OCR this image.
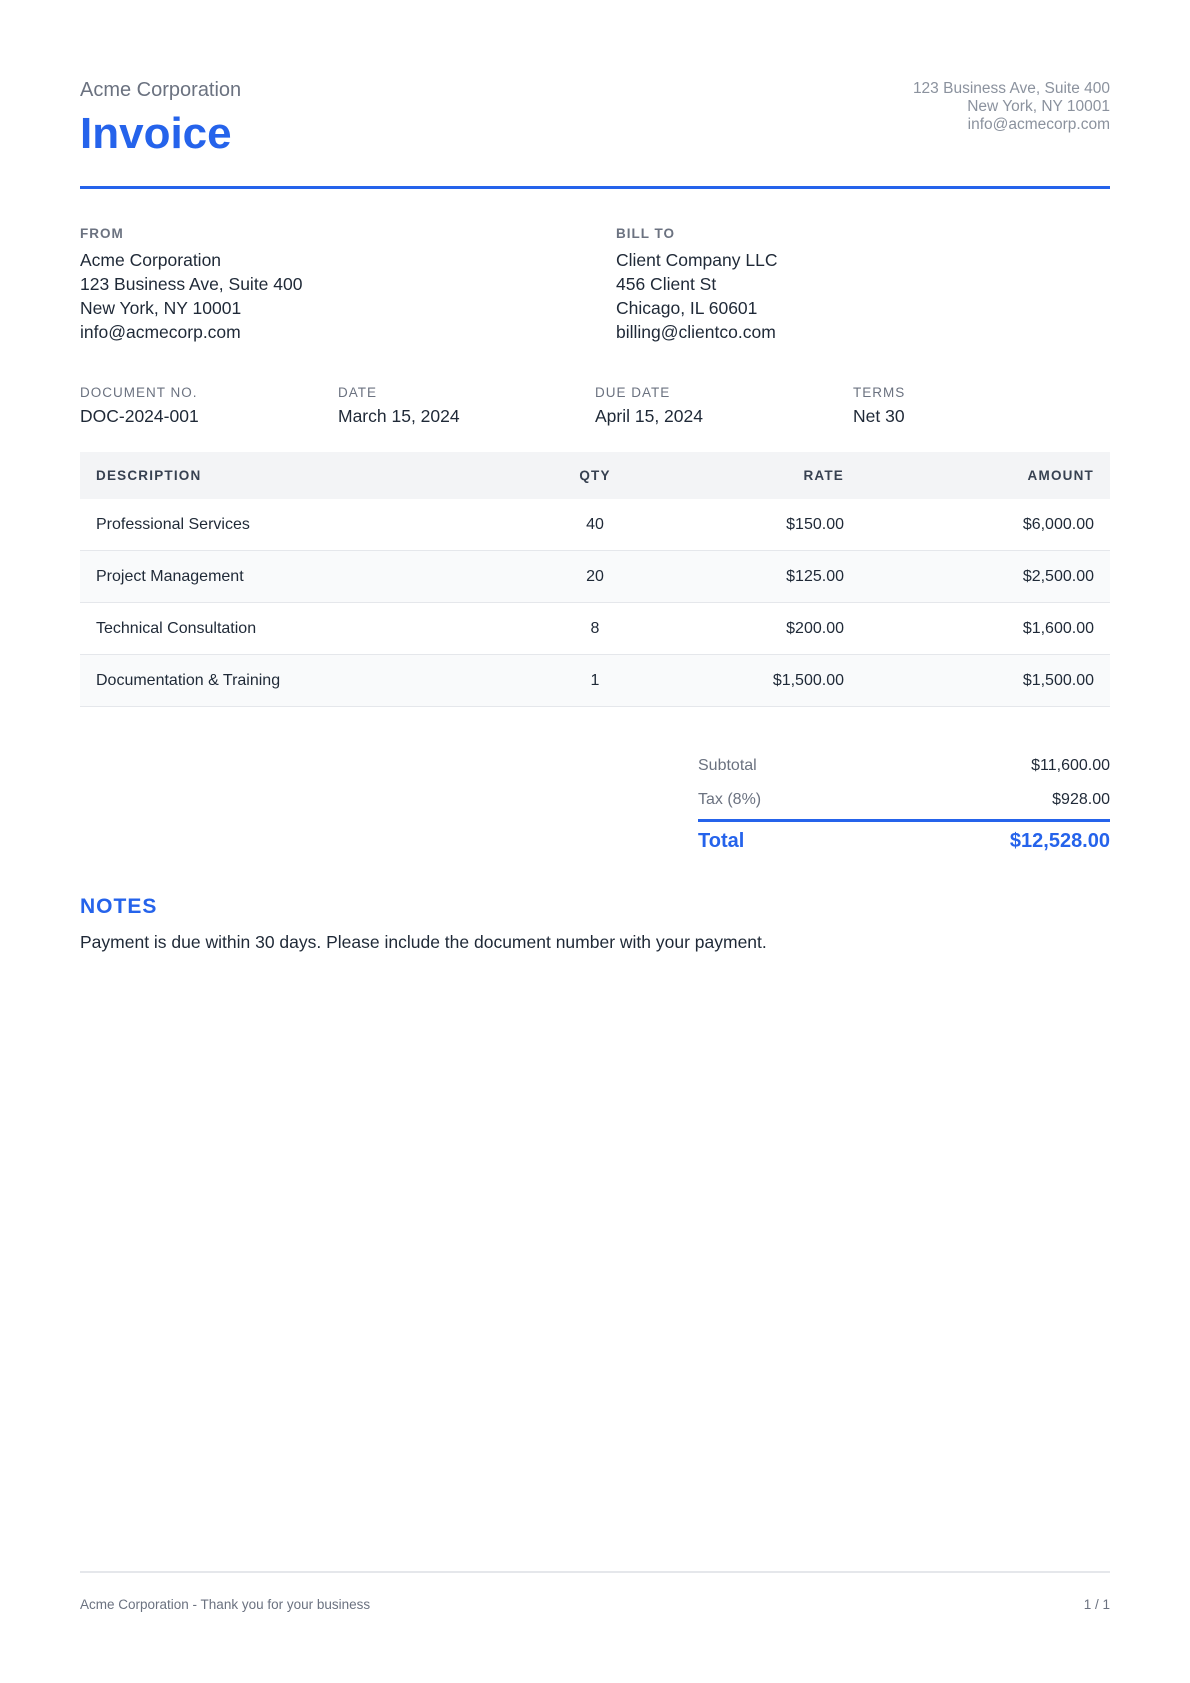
Acme Corporation
Invoice
123 Business Ave, Suite 400
New York, NY 10001
info@acmecorp.com
FROM
Acme Corporation
123 Business Ave, Suite 400
New York, NY 10001
info@acmecorp.com
BILL TO
Client Company LLC
456 Client St
Chicago, IL 60601
billing@clientco.com
DOCUMENT NO.
DOC-2024-001
DATE
March 15, 2024
DUE DATE
April 15, 2024
TERMS
Net 30
DESCRIPTION	QTY	RATE	AMOUNT
Professional Services	40	$150.00	$6,000.00
Project Management	20	$125.00	$2,500.00
Technical Consultation	8	$200.00	$1,600.00
Documentation & Training	1	$1,500.00	$1,500.00
Subtotal	$11,600.00
Tax (8%)	$928.00
Total	$12,528.00
NOTES
Payment is due within 30 days. Please include the document number with your payment.
Acme Corporation - Thank you for your business	1 / 1
